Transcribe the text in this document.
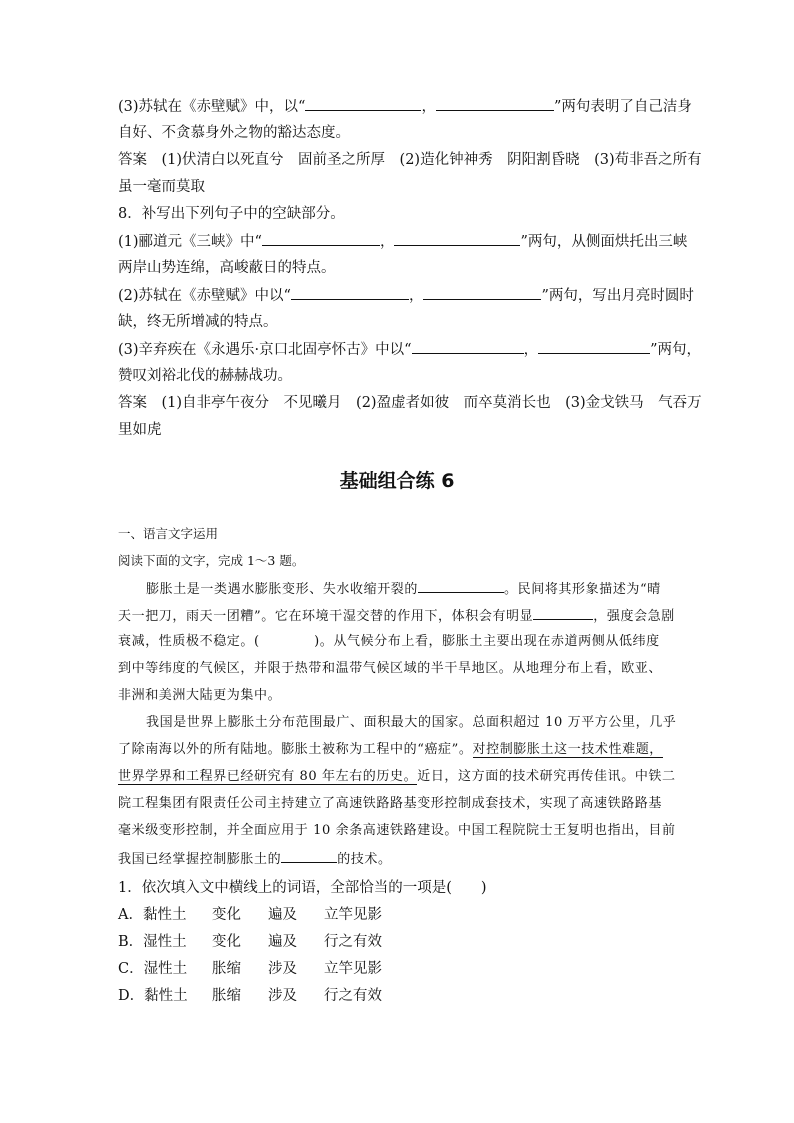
(3)苏轼在《赤壁赋》中，以“	，	”两句表明了自己洁身
自好、不贪慕身外之物的豁达态度。
答案　(1)伏清白以死直兮　固前圣之所厚　(2)造化钟神秀　阴阳割昏晓　(3)苟非吾之所有
虽一毫而莫取
8．补写出下列句子中的空缺部分。
(1)郦道元《三峡》中“	，	”两句，从侧面烘托出三峡
两岸山势连绵，高峻蔽日的特点。
(2)苏轼在《赤壁赋》中以“	，	”两句，写出月亮时圆时
缺，终无所增减的特点。
(3)辛弃疾在《永遇乐·京口北固亭怀古》中以“	，	”两句，
赞叹刘裕北伐的赫赫战功。
答案　(1)自非亭午夜分　不见曦月　(2)盈虚者如彼　而卒莫消长也　(3)金戈铁马　气吞万
里如虎
基础组合练 6
一、语言文字运用
阅读下面的文字，完成 1～3 题。
膨胀土是一类遇水膨胀变形、失水收缩开裂的	。民间将其形象描述为“晴
天一把刀，雨天一团糟”。它在环境干湿交替的作用下，体积会有明显	，强度会急剧
衰减，性质极不稳定。(　　　　)。从气候分布上看，膨胀土主要出现在赤道两侧从低纬度
到中等纬度的气候区，并限于热带和温带气候区域的半干旱地区。从地理分布上看，欧亚、
非洲和美洲大陆更为集中。
我国是世界上膨胀土分布范围最广、面积最大的国家。总面积超过 10 万平方公里，几乎
了除南海以外的所有陆地。膨胀土被称为工程中的“癌症”。对控制膨胀土这一技术性难题，
世界学界和工程界已经研究有 80 年左右的历史。近日，这方面的技术研究再传佳讯。中铁二
院工程集团有限责任公司主持建立了高速铁路路基变形控制成套技术，实现了高速铁路路基
毫米级变形控制，并全面应用于 10 余条高速铁路建设。中国工程院院士王复明也指出，目前
我国已经掌握控制膨胀土的	的技术。
1．依次填入文中横线上的词语，全部恰当的一项是(　　)
A．黏性土 变化 遍及 立竿见影
B．湿性土 变化 遍及 行之有效
C．湿性土 胀缩 涉及 立竿见影
D．黏性土 胀缩 涉及 行之有效
